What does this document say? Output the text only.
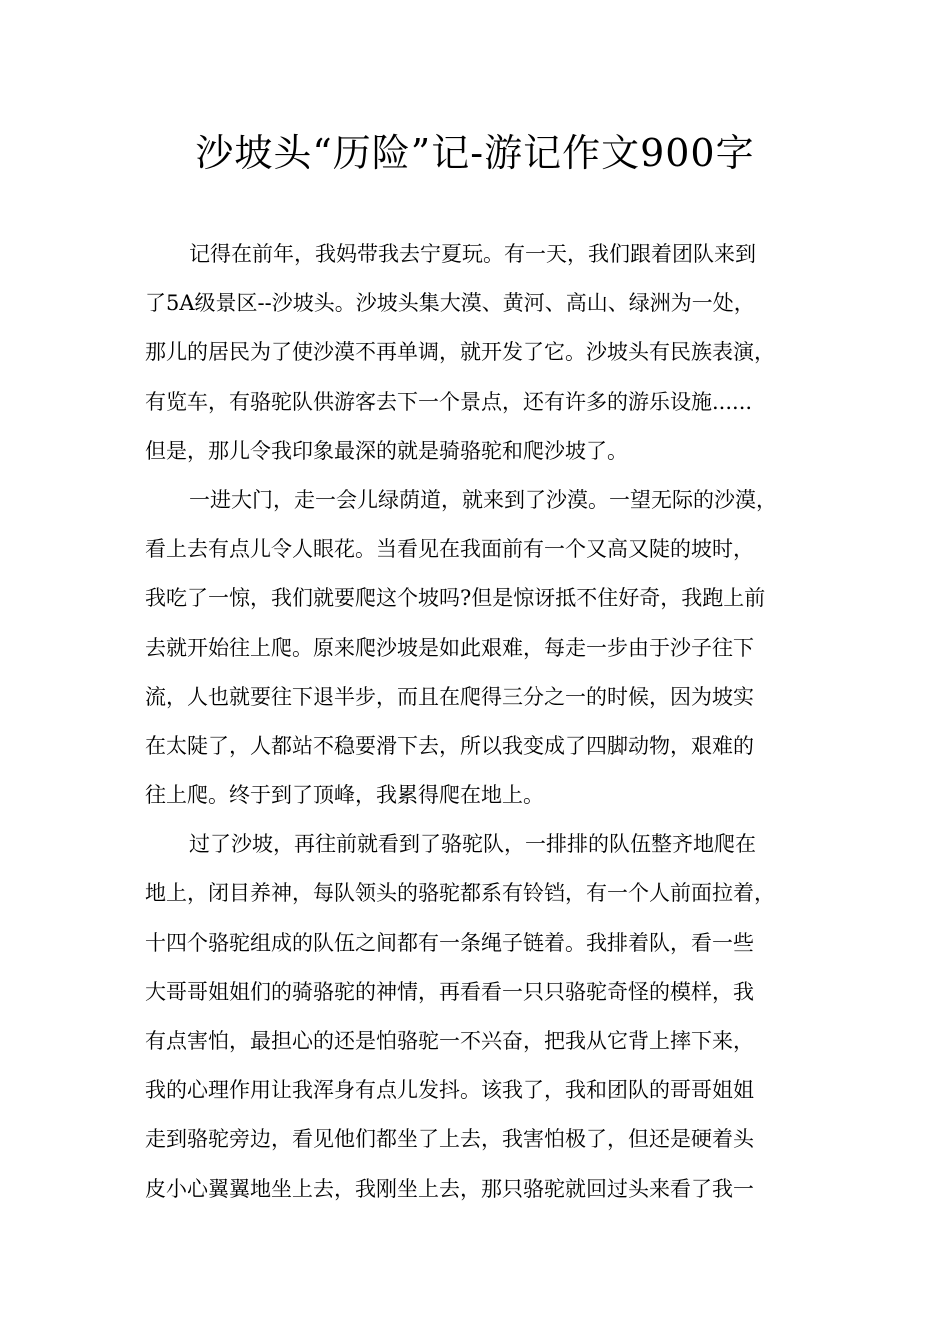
沙坡头“历险”记-游记作文900字
记得在前年，我妈带我去宁夏玩。有一天，我们跟着团队来到
了5A级景区--沙坡头。沙坡头集大漠、黄河、高山、绿洲为一处，
那儿的居民为了使沙漠不再单调，就开发了它。沙坡头有民族表演，
有览车，有骆驼队供游客去下一个景点，还有许多的游乐设施......
但是，那儿令我印象最深的就是骑骆驼和爬沙坡了。
一进大门，走一会儿绿荫道，就来到了沙漠。一望无际的沙漠，
看上去有点儿令人眼花。当看见在我面前有一个又高又陡的坡时，
我吃了一惊，我们就要爬这个坡吗?但是惊讶抵不住好奇，我跑上前
去就开始往上爬。原来爬沙坡是如此艰难，每走一步由于沙子往下
流，人也就要往下退半步，而且在爬得三分之一的时候，因为坡实
在太陡了，人都站不稳要滑下去，所以我变成了四脚动物，艰难的
往上爬。终于到了顶峰，我累得爬在地上。
过了沙坡，再往前就看到了骆驼队，一排排的队伍整齐地爬在
地上，闭目养神，每队领头的骆驼都系有铃铛，有一个人前面拉着，
十四个骆驼组成的队伍之间都有一条绳子链着。我排着队，看一些
大哥哥姐姐们的骑骆驼的神情，再看看一只只骆驼奇怪的模样，我
有点害怕，最担心的还是怕骆驼一不兴奋，把我从它背上摔下来，
我的心理作用让我浑身有点儿发抖。该我了，我和团队的哥哥姐姐
走到骆驼旁边，看见他们都坐了上去，我害怕极了，但还是硬着头
皮小心翼翼地坐上去，我刚坐上去，那只骆驼就回过头来看了我一
